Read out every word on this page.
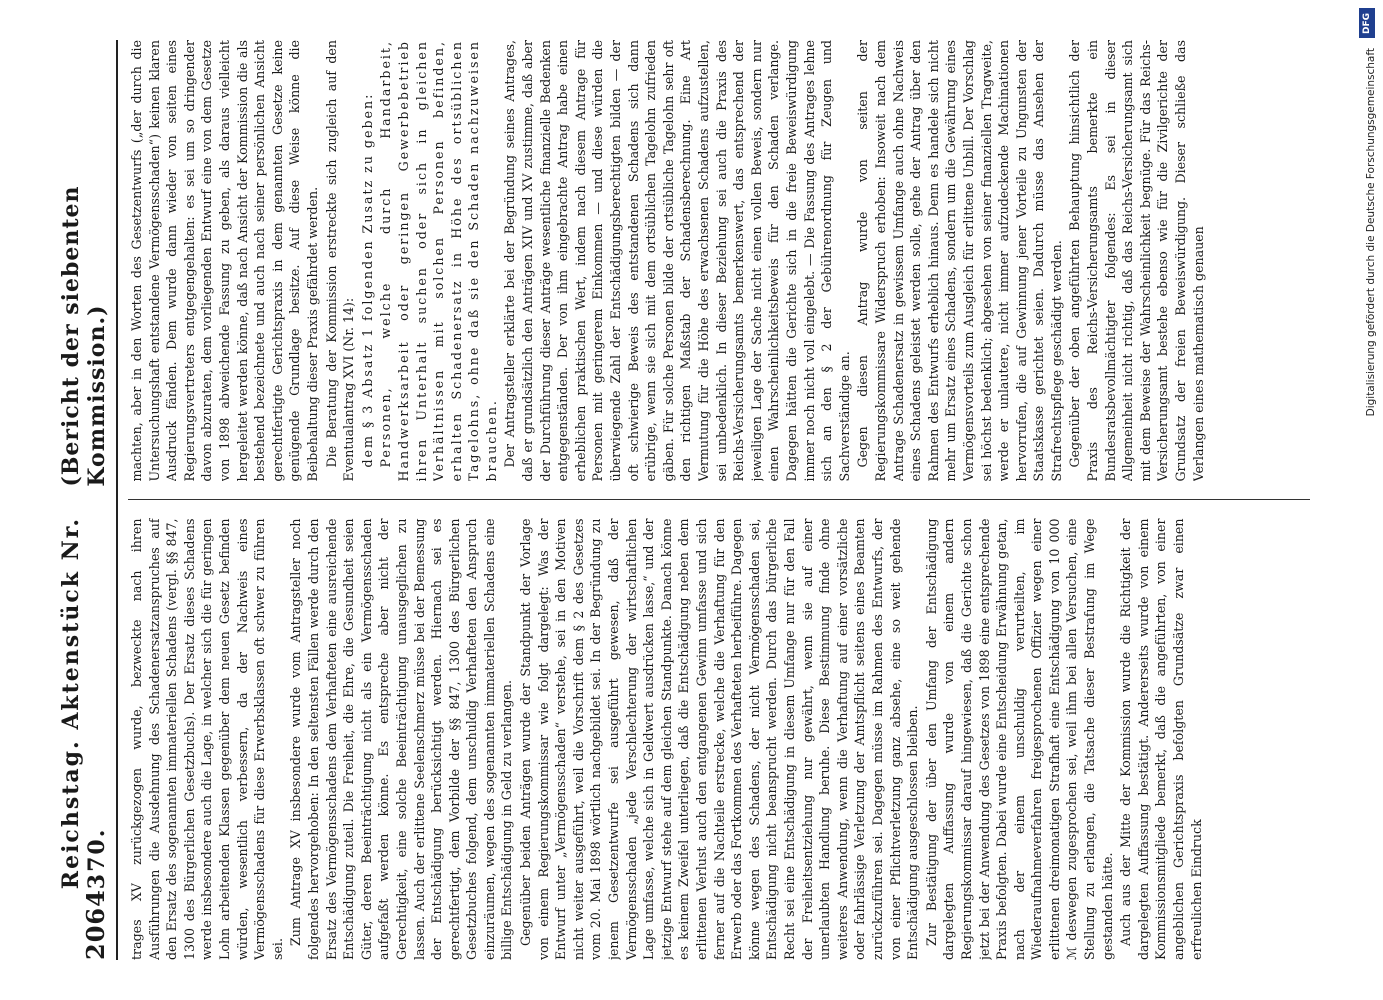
2064
Reichstag. Aktenstück Nr. 370.
(Bericht der siebenten Kommission.)

trages XV zurückgezogen wurde, bezweckte nach ihren Ausführungen die Ausdehnung des Schadenersatzanspruches auf den Ersatz des sogenannten immateriellen Schadens (vergl. §§ 847, 1300 des Bürgerlichen Gesetzbuchs). Der Ersatz dieses Schadens werde insbesondere auch die Lage, in welcher sich die für geringen Lohn arbeitenden Klassen gegenüber dem neuen Gesetz befinden würden, wesentlich verbessern, da der Nachweis eines Vermögensschadens für diese Erwerbsklassen oft schwer zu führen sei.

Zum Antrage XV insbesondere wurde vom Antragsteller noch folgendes hervorgehoben: In den seltensten Fällen werde durch den Ersatz des Vermögensschadens dem Verhafteten eine ausreichende Entschädigung zuteil. Die Freiheit, die Ehre, die Gesundheit seien Güter, deren Beeinträchtigung nicht als ein Vermögensschaden aufgefaßt werden könne. Es entspreche aber nicht der Gerechtigkeit, eine solche Beeinträchtigung unausgeglichen zu lassen. Auch der erlittene Seelenschmerz müsse bei der Bemessung der Entschädigung berücksichtigt werden. Hiernach sei es gerechtfertigt, dem Vorbilde der §§ 847, 1300 des Bürgerlichen Gesetzbuches folgend, dem unschuldig Verhafteten den Anspruch einzuräumen, wegen des sogenannten immateriellen Schadens eine billige Entschädigung in Geld zu verlangen. Gegenüber beiden Anträgen wurde der Standpunkt der Vorlage von einem Regierungskommissar wie folgt dargelegt: Was der Entwurf unter „Vermögensschaden“ verstehe, sei in den Motiven nicht weiter ausgeführt, weil die Vorschrift dem § 2 des Gesetzes vom 20. Mai 1898 wörtlich nachgebildet sei. In der Begründung zu jenem Gesetzentwurfe sei ausgeführt gewesen, daß der Vermögensschaden „jede Verschlechterung der wirtschaftlichen Lage umfasse, welche sich in Geldwert ausdrücken lasse,“ und der jetzige Entwurf stehe auf dem gleichen Standpunkte. Danach könne es keinem Zweifel unterliegen, daß die Entschädigung neben dem erlittenen Verlust auch den entgangenen Gewinn umfasse und sich ferner auf die Nachteile erstrecke, welche die Verhaftung für den Erwerb oder das Fortkommen des Verhafteten herbeiführe. Dagegen könne wegen des Schadens, der nicht Vermögensschaden sei, Entschädigung nicht beansprucht werden. Durch das bürgerliche Recht sei eine Entschädigung in diesem Umfange nur für den Fall der Freiheitsentziehung nur gewährt, wenn sie auf einer unerlaubten Handlung beruhe. Diese Bestimmung finde ohne weiteres Anwendung, wenn die Verhaftung auf einer vorsätzliche oder fahrlässige Verletzung der Amtspflicht seitens eines Beamten zurückzuführen sei. Dagegen müsse im Rahmen des Entwurfs, der von einer Pflichtverletzung ganz absehe, eine so weit gehende Entschädigung ausgeschlossen bleiben. Zur Bestätigung der über den Umfang der Entschädigung dargelegten Auffassung wurde von einem andern Regierungskommissar darauf hingewiesen, daß die Gerichte schon jetzt bei der Anwendung des Gesetzes von 1898 eine entsprechende Praxis befolgten. Dabei wurde eine Entscheidung Erwähnung getan, nach der einem unschuldig verurteilten, im Wiederaufnahmeverfahren freigesprochenen Offizier wegen einer erlittenen dreimonatigen Strafhaft eine Entschädigung von 10 000 ℳ deswegen zugesprochen sei, weil ihm bei allen Versuchen, eine Stellung zu erlangen, die Tatsache dieser Bestrafung im Wege gestanden hätte. Auch aus der Mitte der Kommission wurde die Richtigkeit der dargelegten Auffassung bestätigt. Andererseits wurde von einem Kommissionsmitgliede bemerkt, daß die angeführten, von einer angeblichen Gerichtspraxis befolgten Grundsätze zwar einen erfreulichen Eindruck

machten, aber in den Worten des Gesetzentwurfs („der durch die Untersuchungshaft entstandene Vermögensschaden“) keinen klaren Ausdruck fänden. Dem wurde dann wieder von seiten eines Regierungsvertreters entgegengehalten: es sei um so dringender davon abzuraten, dem vorliegenden Entwurf eine von dem Gesetze von 1898 abweichende Fassung zu geben, als daraus vielleicht hergeleitet werden könne, daß nach Ansicht der Kommission die als bestehend bezeichnete und auch nach seiner persönlichen Ansicht gerechtfertigte Gerichtspraxis in dem genannten Gesetze keine genügende Grundlage besitze. Auf diese Weise könne die Beibehaltung dieser Praxis gefährdet werden. Die Beratung der Kommission erstreckte sich zugleich auf den Eventualantrag XVI (Nr. 14): dem § 3 Absatz 1 folgenden Zusatz zu geben: Personen, welche durch Handarbeit, Handwerksarbeit oder geringen Gewerbebetrieb ihren Unterhalt suchen oder sich in gleichen Verhältnissen mit solchen Personen befinden, erhalten Schadenersatz in Höhe des ortsüblichen Tagelohns, ohne daß sie den Schaden nachzuweisen brauchen. Der Antragsteller erklärte bei der Begründung seines Antrages, daß er grundsätzlich den Anträgen XIV und XV zustimme, daß aber der Durchführung dieser Anträge wesentliche finanzielle Bedenken entgegenständen. Der von ihm eingebrachte Antrag habe einen erheblichen praktischen Wert, indem nach diesem Antrage für Personen mit geringerem Einkommen — und diese würden die überwiegende Zahl der Entschädigungsberechtigten bilden — der oft schwierige Beweis des entstandenen Schadens sich dann erübrige, wenn sie sich mit dem ortsüblichen Tagelohn zufrieden gäben. Für solche Personen bilde der ortsübliche Tagelohn sehr oft den richtigen Maßstab der Schadensberechnung. Eine Art Vermutung für die Höhe des erwachsenen Schadens aufzustellen, sei unbedenklich. In dieser Beziehung sei auch die Praxis des Reichs-Versicherungsamts bemerkenswert, das entsprechend der jeweiligen Lage der Sache nicht einen vollen Beweis, sondern nur einen Wahrscheinlichkeitsbeweis für den Schaden verlange. Dagegen hätten die Gerichte sich in die freie Beweiswürdigung immer noch nicht voll eingelebt. — Die Fassung des Antrages lehne sich an den § 2 der Gebührenordnung für Zeugen und Sachverständige an. Gegen diesen Antrag wurde von seiten der Regierungskommissare Widerspruch erhoben: Insoweit nach dem Antrage Schadenersatz in gewissem Umfange auch ohne Nachweis eines Schadens geleistet werden solle, gehe der Antrag über den Rahmen des Entwurfs erheblich hinaus. Denn es handele sich nicht mehr um Ersatz eines Schadens, sondern um die Gewährung eines Vermögensvorteils zum Ausgleich für erlittene Unbill. Der Vorschlag sei höchst bedenklich; abgesehen von seiner finanziellen Tragweite, werde er unlautere, nicht immer aufzudeckende Machinationen hervorrufen, die auf Gewinnung jener Vorteile zu Ungunsten der Staatskasse gerichtet seien. Dadurch müsse das Ansehen der Strafrechtspflege geschädigt werden. Gegenüber der oben angeführten Behauptung hinsichtlich der Praxis des Reichs-Versicherungsamts bemerkte ein Bundesratsbevollmächtigter folgendes: Es sei in dieser Allgemeinheit nicht richtig, daß das Reichs-Versicherungsamt sich mit dem Beweise der Wahrscheinlichkeit begnüge. Für das Reichs-Versicherungsamt bestehe ebenso wie für die Zivilgerichte der Grundsatz der freien Beweiswürdigung. Dieser schließe das Verlangen eines mathematisch genauen

DFG
Digitalisierung gefördert durch die Deutsche Forschungsgemeinschaft
